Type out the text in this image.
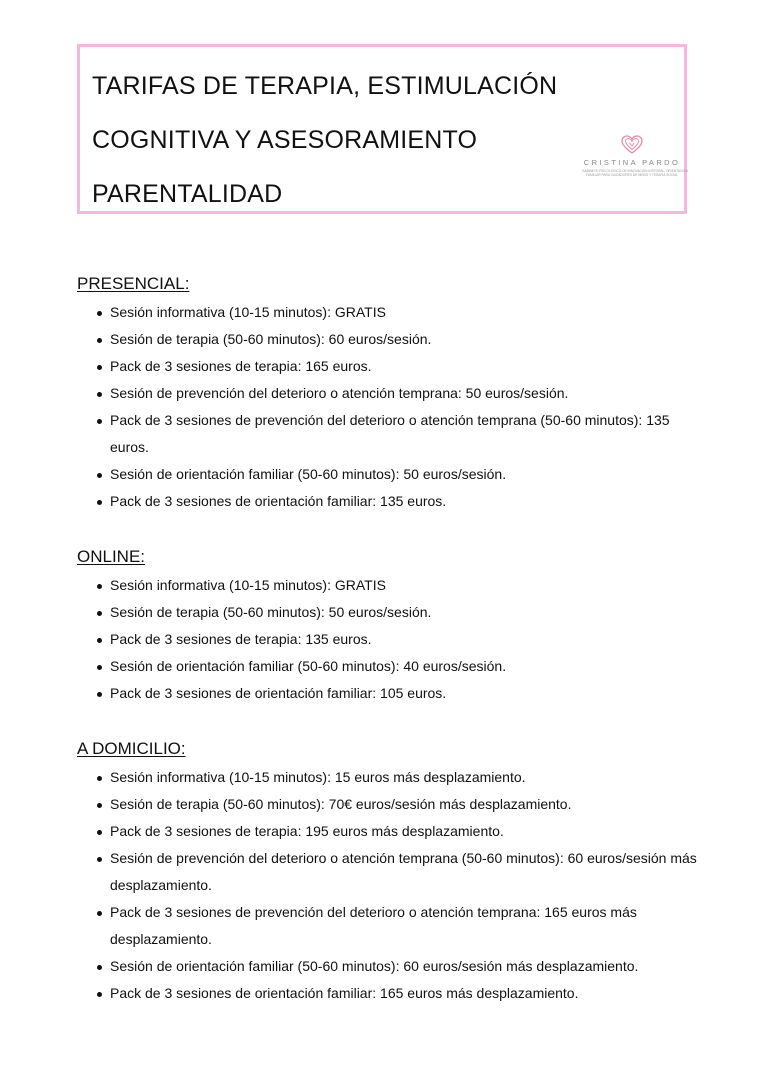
TARIFAS DE TERAPIA, ESTIMULACIÓN
COGNITIVA Y ASESORAMIENTO
PARENTALIDAD
CRISTINA PARDO
GABINETE PSICOLOGICO DE INNOVACIÓN INTEGRAL, ORIENTACIÓN
FAMILIAR PARA CUIDADORES DE NIÑOS Y TERAPIA SOCIAL
PRESENCIAL:
Sesión informativa (10-15 minutos): GRATIS
Sesión de terapia (50-60 minutos): 60 euros/sesión.
Pack de 3 sesiones de terapia: 165 euros.
Sesión de prevención del deterioro o atención temprana: 50 euros/sesión.
Pack de 3 sesiones de prevención del deterioro o atención temprana (50-60 minutos): 135 euros.
Sesión de orientación familiar (50-60 minutos): 50 euros/sesión.
Pack de 3 sesiones de orientación familiar: 135 euros.
ONLINE:
Sesión informativa (10-15 minutos): GRATIS
Sesión de terapia (50-60 minutos): 50 euros/sesión.
Pack de 3 sesiones de terapia: 135 euros.
Sesión de orientación familiar (50-60 minutos): 40 euros/sesión.
Pack de 3 sesiones de orientación familiar: 105 euros.
A DOMICILIO:
Sesión informativa (10-15 minutos): 15 euros más desplazamiento.
Sesión de terapia (50-60 minutos): 70€ euros/sesión más desplazamiento.
Pack de 3 sesiones de terapia: 195 euros más desplazamiento.
Sesión de prevención del deterioro o atención temprana (50-60 minutos): 60 euros/sesión más desplazamiento.
Pack de 3 sesiones de prevención del deterioro o atención temprana: 165 euros más desplazamiento.
Sesión de orientación familiar (50-60 minutos): 60 euros/sesión más desplazamiento.
Pack de 3 sesiones de orientación familiar: 165 euros más desplazamiento.
